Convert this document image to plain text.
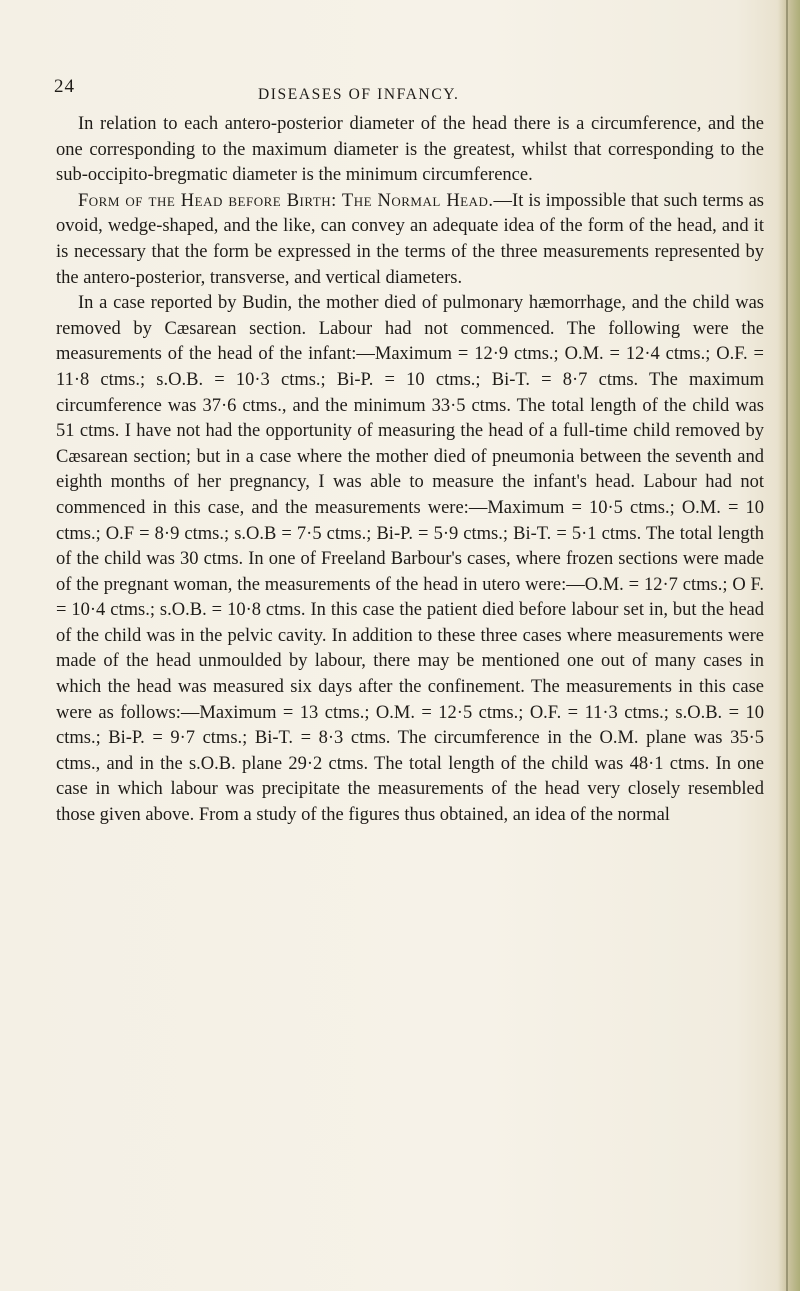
24	DISEASES OF INFANCY.

In relation to each antero-posterior diameter of the head there is a circumference, and the one corresponding to the maximum diameter is the greatest, whilst that corresponding to the sub-occipito-bregmatic diameter is the minimum circumference.

Form of the Head before Birth: The Normal Head.—It is impossible that such terms as ovoid, wedge-shaped, and the like, can convey an adequate idea of the form of the head, and it is necessary that the form be expressed in the terms of the three measurements represented by the antero-posterior, transverse, and vertical diameters.

In a case reported by Budin, the mother died of pulmonary hæmorrhage, and the child was removed by Cæsarean section. Labour had not commenced. The following were the measurements of the head of the infant:—Maximum = 12·9 ctms.; O.M. = 12·4 ctms.; O.F. = 11·8 ctms.; s.O.B. = 10·3 ctms.; Bi-P. = 10 ctms.; Bi-T. = 8·7 ctms. The maximum circumference was 37·6 ctms., and the minimum 33·5 ctms. The total length of the child was 51 ctms. I have not had the opportunity of measuring the head of a full-time child removed by Cæsarean section; but in a case where the mother died of pneumonia between the seventh and eighth months of her pregnancy, I was able to measure the infant's head. Labour had not commenced in this case, and the measurements were:—Maximum = 10·5 ctms.; O.M. = 10 ctms.; O.F = 8·9 ctms.; s.O.B = 7·5 ctms.; Bi-P. = 5·9 ctms.; Bi-T. = 5·1 ctms. The total length of the child was 30 ctms. In one of Freeland Barbour's cases, where frozen sections were made of the pregnant woman, the measurements of the head in utero were:—O.M. = 12·7 ctms.; O F. = 10·4 ctms.; s.O.B. = 10·8 ctms. In this case the patient died before labour set in, but the head of the child was in the pelvic cavity. In addition to these three cases where measurements were made of the head unmoulded by labour, there may be mentioned one out of many cases in which the head was measured six days after the confinement. The measurements in this case were as follows:—Maximum = 13 ctms.; O.M. = 12·5 ctms.; O.F. = 11·3 ctms.; s.O.B. = 10 ctms.; Bi-P. = 9·7 ctms.; Bi-T. = 8·3 ctms. The circumference in the O.M. plane was 35·5 ctms., and in the s.O.B. plane 29·2 ctms. The total length of the child was 48·1 ctms. In one case in which labour was precipitate the measurements of the head very closely resembled those given above. From a study of the figures thus obtained, an idea of the normal
